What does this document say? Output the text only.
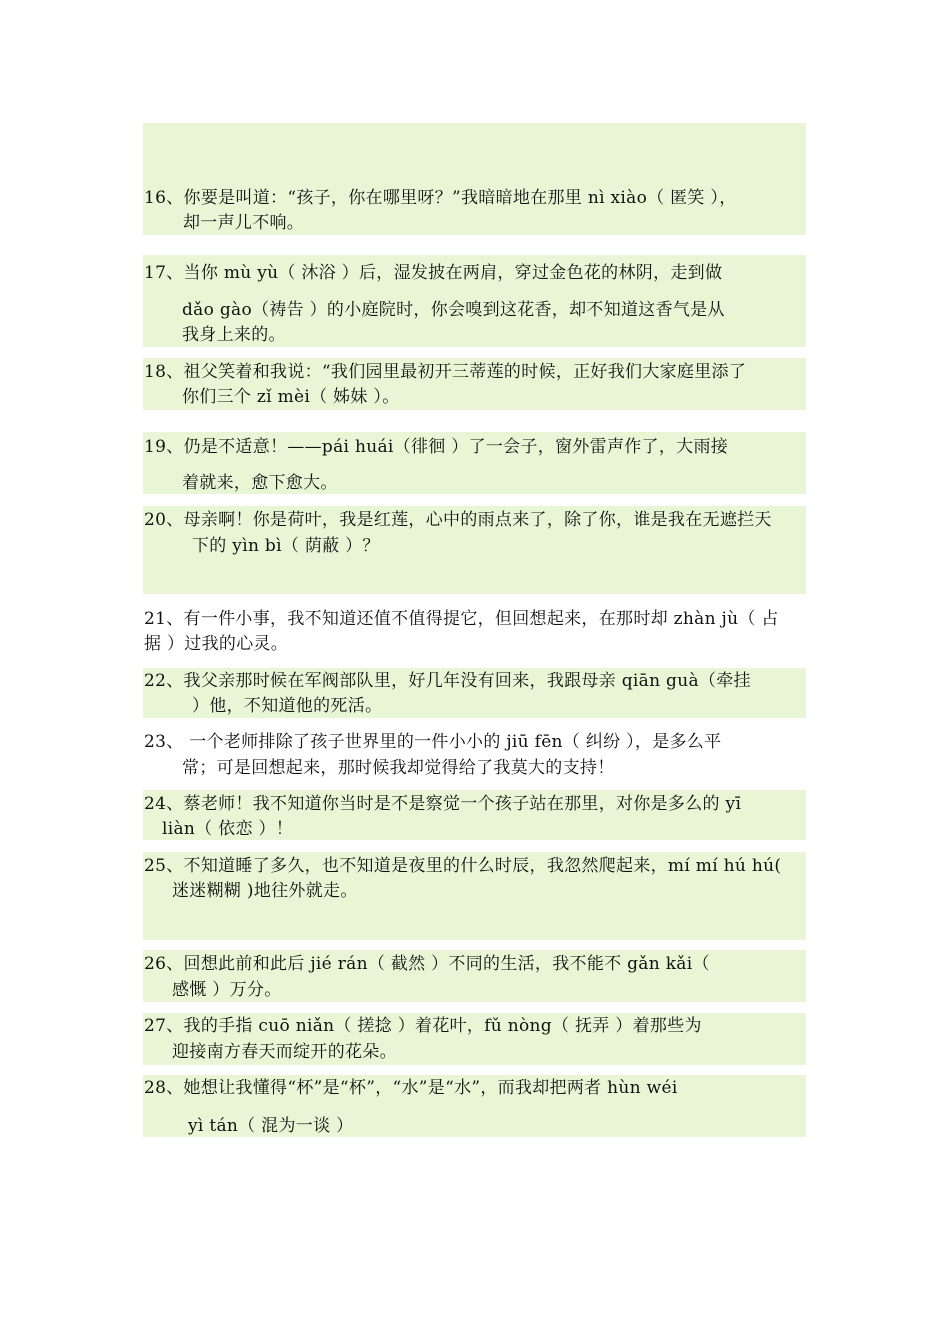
16、你要是叫道：“孩子，你在哪里呀？”我暗暗地在那里 nì xiào（ 匿笑 ），
却一声儿不响。
17、当你 mù yù（ 沐浴 ）后，湿发披在两肩，穿过金色花的林阴，走到做
dǎo gào（祷告 ）的小庭院时，你会嗅到这花香，却不知道这香气是从
我身上来的。
18、祖父笑着和我说：“我们园里最初开三蒂莲的时候，正好我们大家庭里添了
你们三个 zǐ mèi（ 姊妹 ）。
19、仍是不适意！——pái huái（徘徊 ）了一会子，窗外雷声作了，大雨接
着就来，愈下愈大。
20、母亲啊！你是荷叶，我是红莲，心中的雨点来了，除了你，谁是我在无遮拦天
下的 yìn bì（ 荫蔽 ）？
21、有一件小事，我不知道还值不值得提它，但回想起来，在那时却 zhàn jù（ 占
据 ）过我的心灵。
22、我父亲那时候在军阀部队里，好几年没有回来，我跟母亲 qiān guà（牵挂
）他，不知道他的死活。
23、 一个老师排除了孩子世界里的一件小小的 jiū fēn（ 纠纷 ），是多么平
常；可是回想起来，那时候我却觉得给了我莫大的支持！
24、蔡老师！我不知道你当时是不是察觉一个孩子站在那里，对你是多么的 yī
liàn（ 依恋 ）！
25、不知道睡了多久，也不知道是夜里的什么时辰，我忽然爬起来，mí mí hú hú(
迷迷糊糊 )地往外就走。
26、回想此前和此后 jié rán（ 截然 ）不同的生活，我不能不 gǎn kǎi（
感慨 ）万分。
27、我的手指 cuō niǎn（ 搓捻 ）着花叶，fǔ nòng（ 抚弄 ）着那些为
迎接南方春天而绽开的花朵。
28、她想让我懂得“杯”是“杯”，“水”是“水”，而我却把两者 hùn wéi
yì tán（ 混为一谈 ）
